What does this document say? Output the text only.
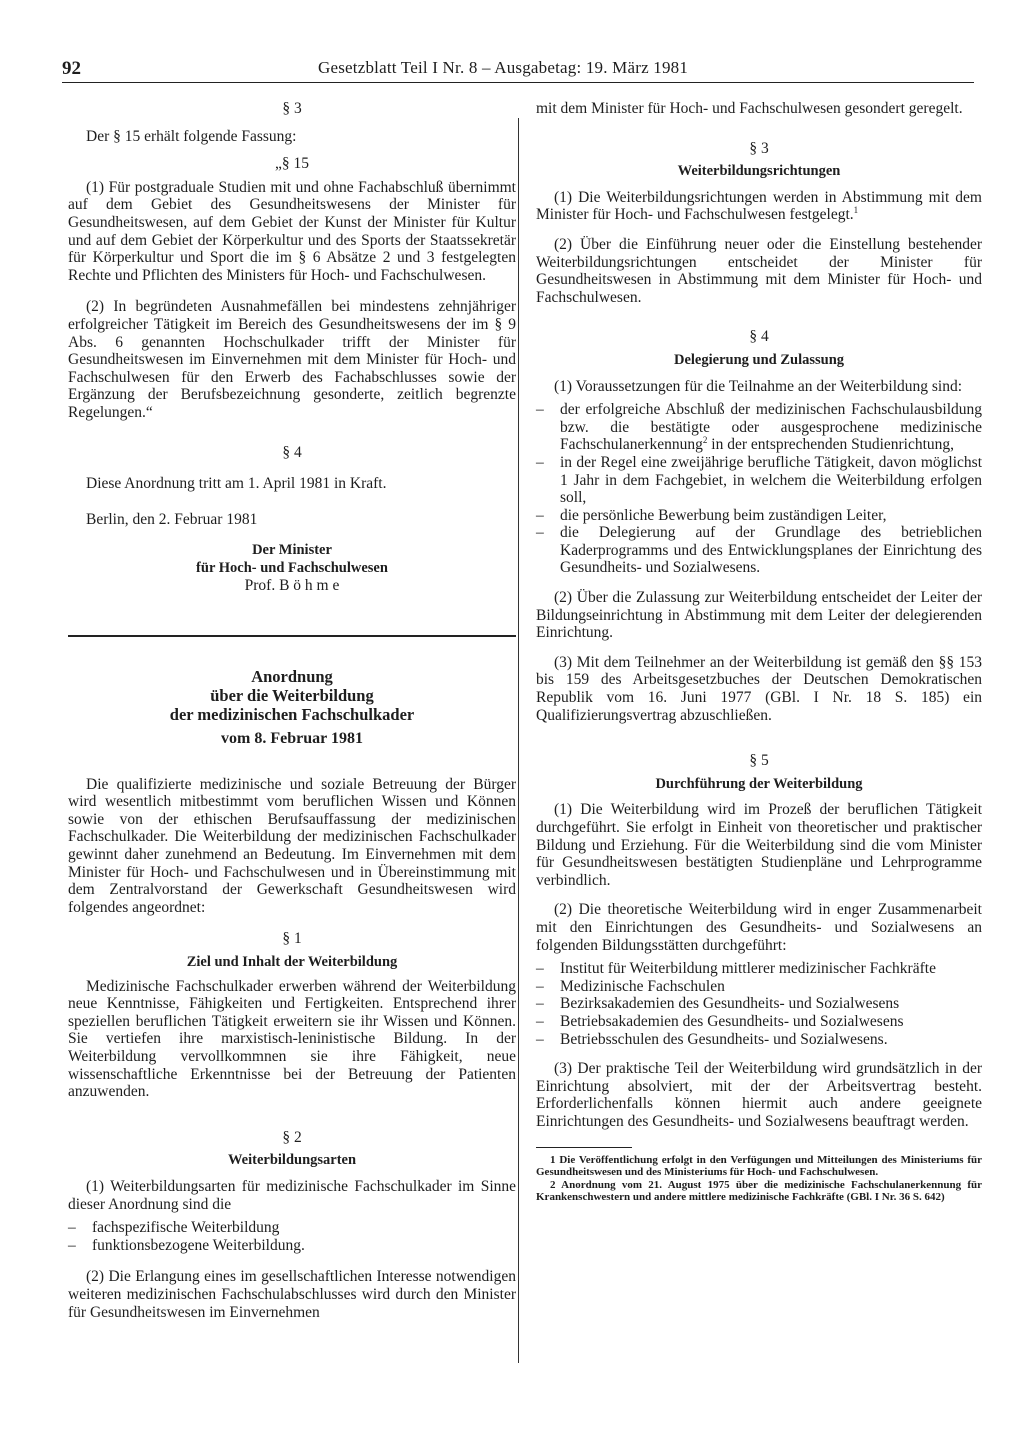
92	Gesetzblatt Teil I Nr. 8 – Ausgabetag: 19. März 1981

§ 3

Der § 15 erhält folgende Fassung:

„§ 15

(1) Für postgraduale Studien mit und ohne Fachabschluß übernimmt auf dem Gebiet des Gesundheitswesens der Minister für Gesundheitswesen, auf dem Gebiet der Kunst der Minister für Kultur und auf dem Gebiet der Körperkultur und des Sports der Staatssekretär für Körperkultur und Sport die im § 6 Absätze 2 und 3 festgelegten Rechte und Pflichten des Ministers für Hoch- und Fachschulwesen.

(2) In begründeten Ausnahmefällen bei mindestens zehnjähriger erfolgreicher Tätigkeit im Bereich des Gesundheitswesens der im § 9 Abs. 6 genannten Hochschulkader trifft der Minister für Gesundheitswesen im Einvernehmen mit dem Minister für Hoch- und Fachschulwesen für den Erwerb des Fachabschlusses sowie der Ergänzung der Berufsbezeichnung gesonderte, zeitlich begrenzte Regelungen.“

§ 4

Diese Anordnung tritt am 1. April 1981 in Kraft.

Berlin, den 2. Februar 1981

Der Minister

für Hoch- und Fachschulwesen

Prof. B ö h m e

Anordnung

über die Weiterbildung

der medizinischen Fachschulkader

vom 8. Februar 1981

Die qualifizierte medizinische und soziale Betreuung der Bürger wird wesentlich mitbestimmt vom beruflichen Wissen und Können sowie von der ethischen Berufsauffassung der medizinischen Fachschulkader. Die Weiterbildung der medizinischen Fachschulkader gewinnt daher zunehmend an Bedeutung. Im Einvernehmen mit dem Minister für Hoch- und Fachschulwesen und in Übereinstimmung mit dem Zentralvorstand der Gewerkschaft Gesundheitswesen wird folgendes angeordnet:

§ 1

Ziel und Inhalt der Weiterbildung

Medizinische Fachschulkader erwerben während der Weiterbildung neue Kenntnisse, Fähigkeiten und Fertigkeiten. Entsprechend ihrer speziellen beruflichen Tätigkeit erweitern sie ihr Wissen und Können. Sie vertiefen ihre marxistisch-leninistische Bildung. In der Weiterbildung vervollkommnen sie ihre Fähigkeit, neue wissenschaftliche Erkenntnisse bei der Betreuung der Patienten anzuwenden.

§ 2

Weiterbildungsarten

(1) Weiterbildungsarten für medizinische Fachschulkader im Sinne dieser Anordnung sind die

– fachspezifische Weiterbildung
– funktionsbezogene Weiterbildung.

(2) Die Erlangung eines im gesellschaftlichen Interesse notwendigen weiteren medizinischen Fachschulabschlusses wird durch den Minister für Gesundheitswesen im Einvernehmen

mit dem Minister für Hoch- und Fachschulwesen gesondert geregelt.

§ 3

Weiterbildungsrichtungen

(1) Die Weiterbildungsrichtungen werden in Abstimmung mit dem Minister für Hoch- und Fachschulwesen festgelegt.$^1$

(2) Über die Einführung neuer oder die Einstellung bestehender Weiterbildungsrichtungen entscheidet der Minister für Gesundheitswesen in Abstimmung mit dem Minister für Hoch- und Fachschulwesen.

§ 4

Delegierung und Zulassung

(1) Voraussetzungen für die Teilnahme an der Weiterbildung sind:

– der erfolgreiche Abschluß der medizinischen Fachschulausbildung bzw. die bestätigte oder ausgesprochene medizinische Fachschulanerkennung$^2$ in der entsprechenden Studienrichtung,
– in der Regel eine zweijährige berufliche Tätigkeit, davon möglichst 1 Jahr in dem Fachgebiet, in welchem die Weiterbildung erfolgen soll,
– die persönliche Bewerbung beim zuständigen Leiter,
– die Delegierung auf der Grundlage des betrieblichen Kaderprogramms und des Entwicklungsplanes der Einrichtung des Gesundheits- und Sozialwesens.

(2) Über die Zulassung zur Weiterbildung entscheidet der Leiter der Bildungseinrichtung in Abstimmung mit dem Leiter der delegierenden Einrichtung.

(3) Mit dem Teilnehmer an der Weiterbildung ist gemäß den §§ 153 bis 159 des Arbeitsgesetzbuches der Deutschen Demokratischen Republik vom 16. Juni 1977 (GBl. I Nr. 18 S. 185) ein Qualifizierungsvertrag abzuschließen.

§ 5

Durchführung der Weiterbildung

(1) Die Weiterbildung wird im Prozeß der beruflichen Tätigkeit durchgeführt. Sie erfolgt in Einheit von theoretischer und praktischer Bildung und Erziehung. Für die Weiterbildung sind die vom Minister für Gesundheitswesen bestätigten Studienpläne und Lehrprogramme verbindlich.

(2) Die theoretische Weiterbildung wird in enger Zusammenarbeit mit den Einrichtungen des Gesundheits- und Sozialwesens an folgenden Bildungsstätten durchgeführt:

– Institut für Weiterbildung mittlerer medizinischer Fachkräfte
– Medizinische Fachschulen
– Bezirksakademien des Gesundheits- und Sozialwesens
– Betriebsakademien des Gesundheits- und Sozialwesens
– Betriebsschulen des Gesundheits- und Sozialwesens.

(3) Der praktische Teil der Weiterbildung wird grundsätzlich in der Einrichtung absolviert, mit der der Arbeitsvertrag besteht. Erforderlichenfalls können hiermit auch andere geeignete Einrichtungen des Gesundheits- und Sozialwesens beauftragt werden.

1 Die Veröffentlichung erfolgt in den Verfügungen und Mitteilungen des Ministeriums für Gesundheitswesen und des Ministeriums für Hoch- und Fachschulwesen.

2 Anordnung vom 21. August 1975 über die medizinische Fachschulanerkennung für Krankenschwestern und andere mittlere medizinische Fachkräfte (GBl. I Nr. 36 S. 642)
